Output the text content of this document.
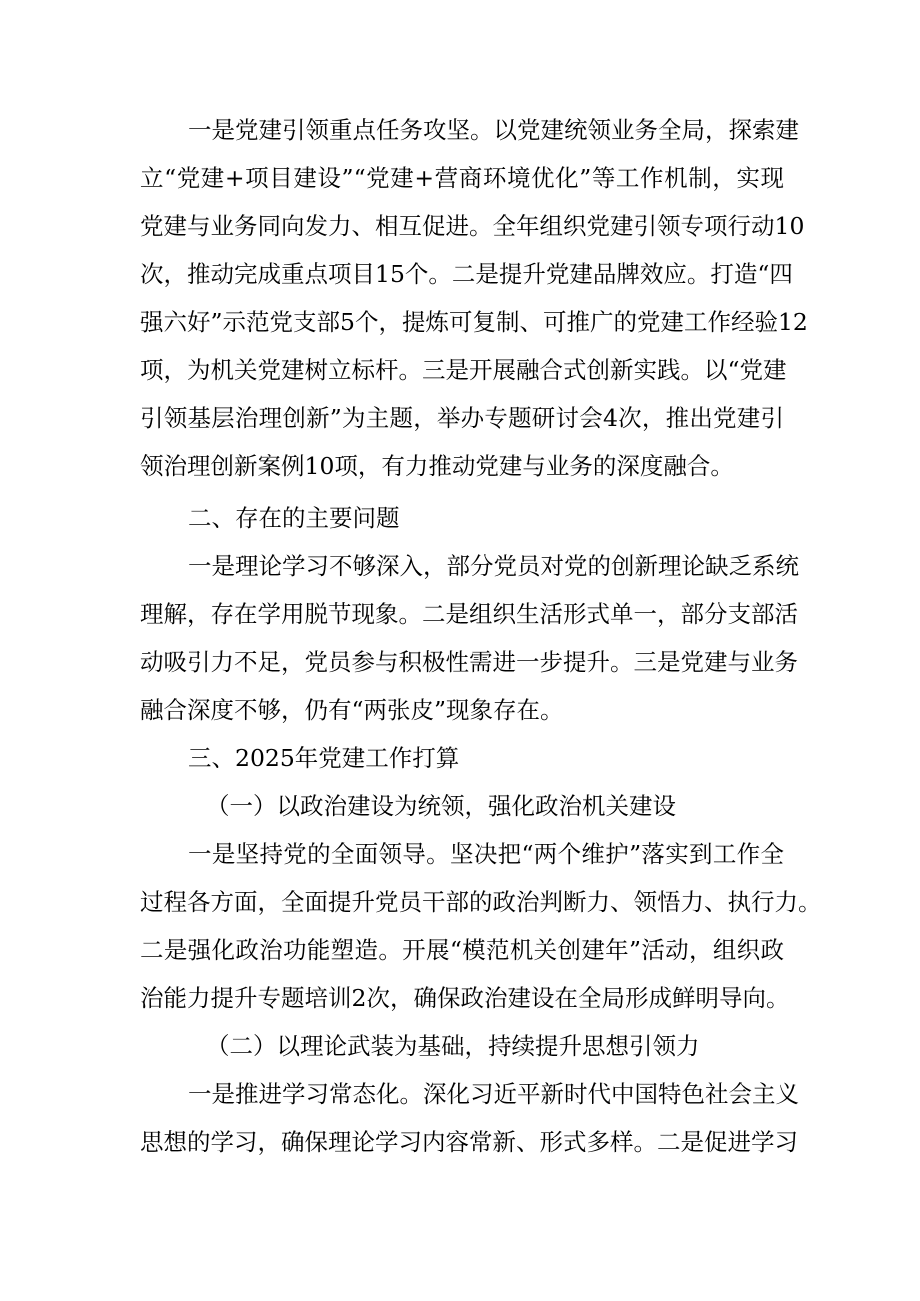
一是党建引领重点任务攻坚。以党建统领业务全局，探索建
立“党建+项目建设”“党建+营商环境优化”等工作机制，实现
党建与业务同向发力、相互促进。全年组织党建引领专项行动10
次，推动完成重点项目15个。二是提升党建品牌效应。打造“四
强六好”示范党支部5个，提炼可复制、可推广的党建工作经验12
项，为机关党建树立标杆。三是开展融合式创新实践。以“党建
引领基层治理创新”为主题，举办专题研讨会4次，推出党建引
领治理创新案例10项，有力推动党建与业务的深度融合。
二、存在的主要问题
一是理论学习不够深入，部分党员对党的创新理论缺乏系统
理解，存在学用脱节现象。二是组织生活形式单一，部分支部活
动吸引力不足，党员参与积极性需进一步提升。三是党建与业务
融合深度不够，仍有“两张皮”现象存在。
三、2025年党建工作打算
（一）以政治建设为统领，强化政治机关建设
一是坚持党的全面领导。坚决把“两个维护”落实到工作全
过程各方面，全面提升党员干部的政治判断力、领悟力、执行力。
二是强化政治功能塑造。开展“模范机关创建年”活动，组织政
治能力提升专题培训2次，确保政治建设在全局形成鲜明导向。
（二）以理论武装为基础，持续提升思想引领力
一是推进学习常态化。深化习近平新时代中国特色社会主义
思想的学习，确保理论学习内容常新、形式多样。二是促进学习
